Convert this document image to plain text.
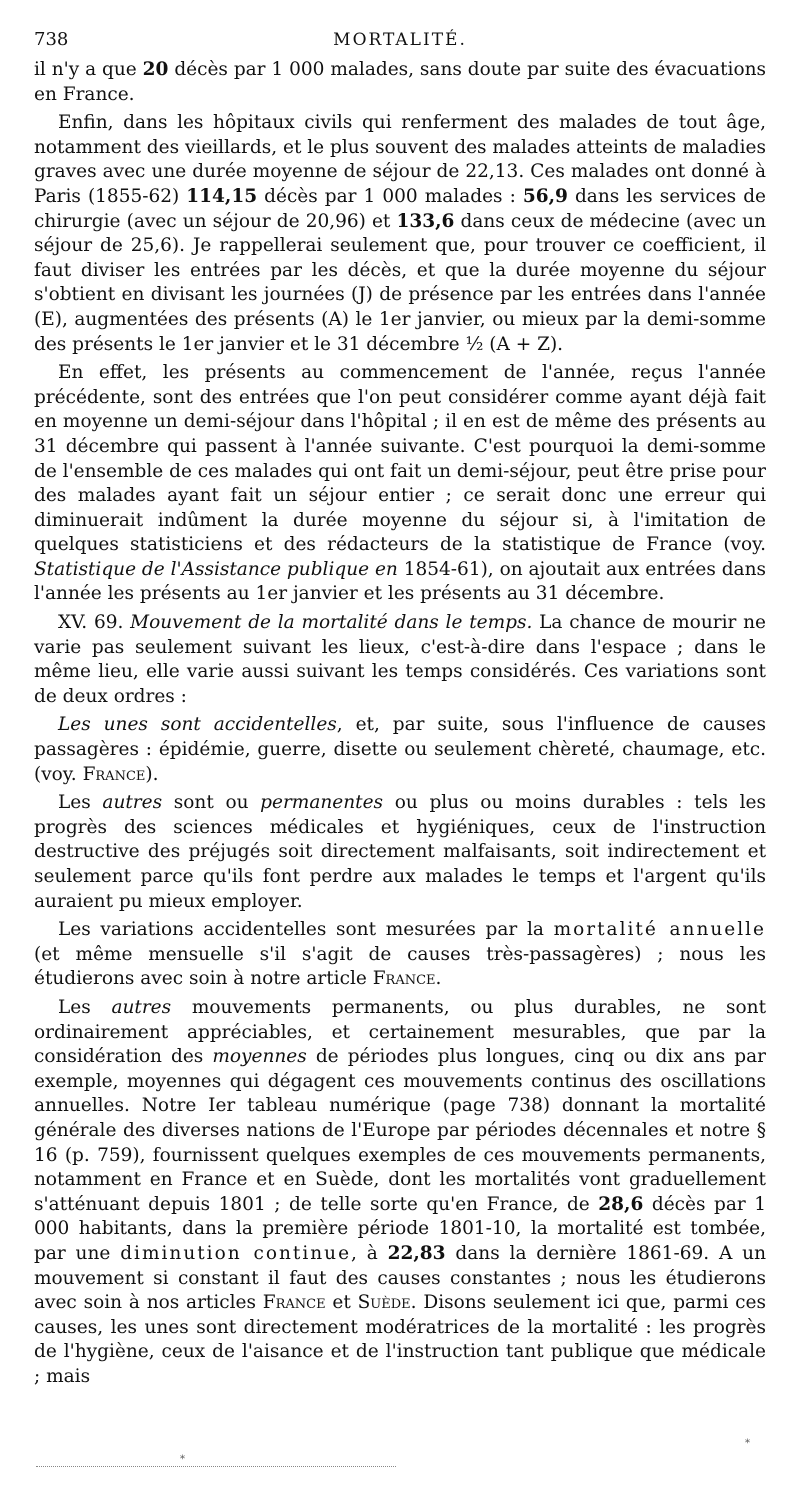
738	MORTALITÉ.

il n'y a que 20 décès par 1 000 malades, sans doute par suite des évacuations en France.

Enfin, dans les hôpitaux civils qui renferment des malades de tout âge, notamment des vieillards, et le plus souvent des malades atteints de maladies graves avec une durée moyenne de séjour de 22,13. Ces malades ont donné à Paris (1855-62) 114,15 décès par 1 000 malades : 56,9 dans les services de chirurgie (avec un séjour de 20,96) et 133,6 dans ceux de médecine (avec un séjour de 25,6). Je rappellerai seulement que, pour trouver ce coefficient, il faut diviser les entrées par les décès, et que la durée moyenne du séjour s'obtient en divisant les journées (J) de présence par les entrées dans l'année (E), augmentées des présents (A) le 1er janvier, ou mieux par la demi-somme des présents le 1er janvier et le 31 décembre ½ (A + Z).

En effet, les présents au commencement de l'année, reçus l'année précédente, sont des entrées que l'on peut considérer comme ayant déjà fait en moyenne un demi-séjour dans l'hôpital ; il en est de même des présents au 31 décembre qui passent à l'année suivante. C'est pourquoi la demi-somme de l'ensemble de ces malades qui ont fait un demi-séjour, peut être prise pour des malades ayant fait un séjour entier ; ce serait donc une erreur qui diminuerait indûment la durée moyenne du séjour si, à l'imitation de quelques statisticiens et des rédacteurs de la statistique de France (voy. Statistique de l'Assistance publique en 1854-61), on ajoutait aux entrées dans l'année les présents au 1er janvier et les présents au 31 décembre.

XV. 69. Mouvement de la mortalité dans le temps. La chance de mourir ne varie pas seulement suivant les lieux, c'est-à-dire dans l'espace ; dans le même lieu, elle varie aussi suivant les temps considérés. Ces variations sont de deux ordres :

Les unes sont accidentelles, et, par suite, sous l'influence de causes passagères : épidémie, guerre, disette ou seulement chèreté, chaumage, etc. (voy. France).

Les autres sont ou permanentes ou plus ou moins durables : tels les progrès des sciences médicales et hygiéniques, ceux de l'instruction destructive des préjugés soit directement malfaisants, soit indirectement et seulement parce qu'ils font perdre aux malades le temps et l'argent qu'ils auraient pu mieux employer.

Les variations accidentelles sont mesurées par la mortalité annuelle (et même mensuelle s'il s'agit de causes très-passagères) ; nous les étudierons avec soin à notre article France.

Les autres mouvements permanents, ou plus durables, ne sont ordinairement appréciables, et certainement mesurables, que par la considération des moyennes de périodes plus longues, cinq ou dix ans par exemple, moyennes qui dégagent ces mouvements continus des oscillations annuelles. Notre Ier tableau numérique (page 738) donnant la mortalité générale des diverses nations de l'Europe par périodes décennales et notre § 16 (p. 759), fournissent quelques exemples de ces mouvements permanents, notamment en France et en Suède, dont les mortalités vont graduellement s'atténuant depuis 1801 ; de telle sorte qu'en France, de 28,6 décès par 1 000 habitants, dans la première période 1801-10, la mortalité est tombée, par une diminution continue, à 22,83 dans la dernière 1861-69. A un mouvement si constant il faut des causes constantes ; nous les étudierons avec soin à nos articles France et Suède. Disons seulement ici que, parmi ces causes, les unes sont directement modératrices de la mortalité : les progrès de l'hygiène, ceux de l'aisance et de l'instruction tant publique que médicale ; mais

*
*
